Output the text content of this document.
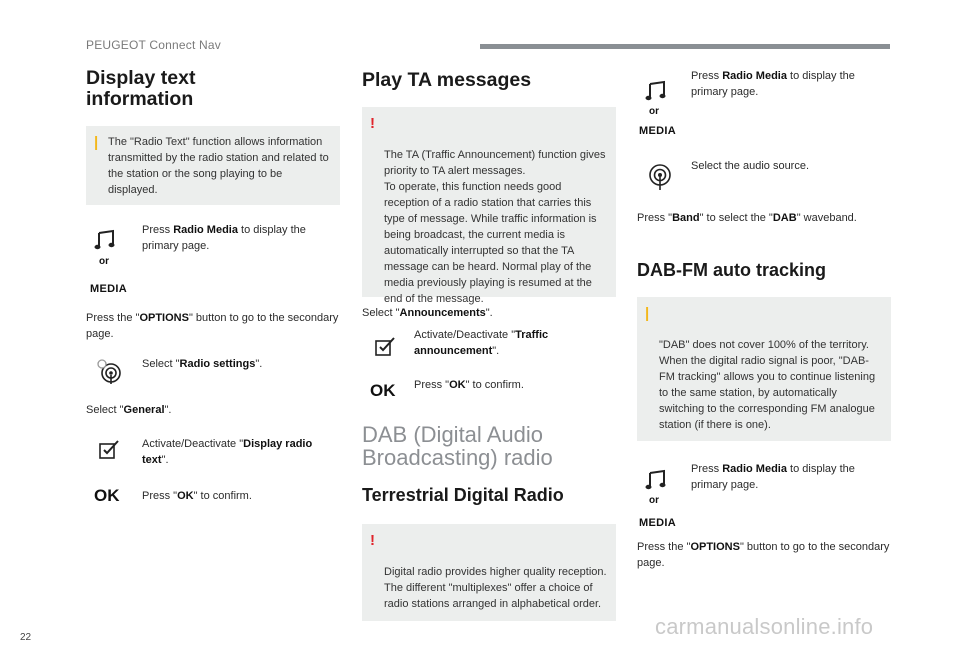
PEUGEOT Connect Nav
Display text
information
| The "Radio Text" function allows information transmitted by the radio station and related to the station or the song playing to be displayed.
or
MEDIA
Press Radio Media to display the primary page.
Press the "OPTIONS" button to go to the secondary page.
Select "Radio settings".
Select "General".
Activate/Deactivate "Display radio text".
OK Press "OK" to confirm.
Play TA messages

!

The TA (Traffic Announcement) function gives priority to TA alert messages.
To operate, this function needs good reception of a radio station that carries this type of message. While traffic information is being broadcast, the current media is automatically interrupted so that the TA message can be heard. Normal play of the media previously playing is resumed at the end of the message.

Select "Announcements".
Activate/Deactivate "Traffic announcement".
OK Press "OK" to confirm.
DAB (Digital Audio
Broadcasting) radio
Terrestrial Digital Radio

!

Digital radio provides higher quality reception.
The different "multiplexes" offer a choice of radio stations arranged in alphabetical order.

or
MEDIA
Press Radio Media to display the primary page.
Select the audio source.
Press "Band" to select the "DAB" waveband.
DAB-FM auto tracking

|

"DAB" does not cover 100% of the territory.
When the digital radio signal is poor, "DAB-FM tracking" allows you to continue listening to the same station, by automatically switching to the corresponding FM analogue station (if there is one).

or
MEDIA
Press Radio Media to display the primary page.
Press the "OPTIONS" button to go to the secondary page.
22	carmanualsonline.info
